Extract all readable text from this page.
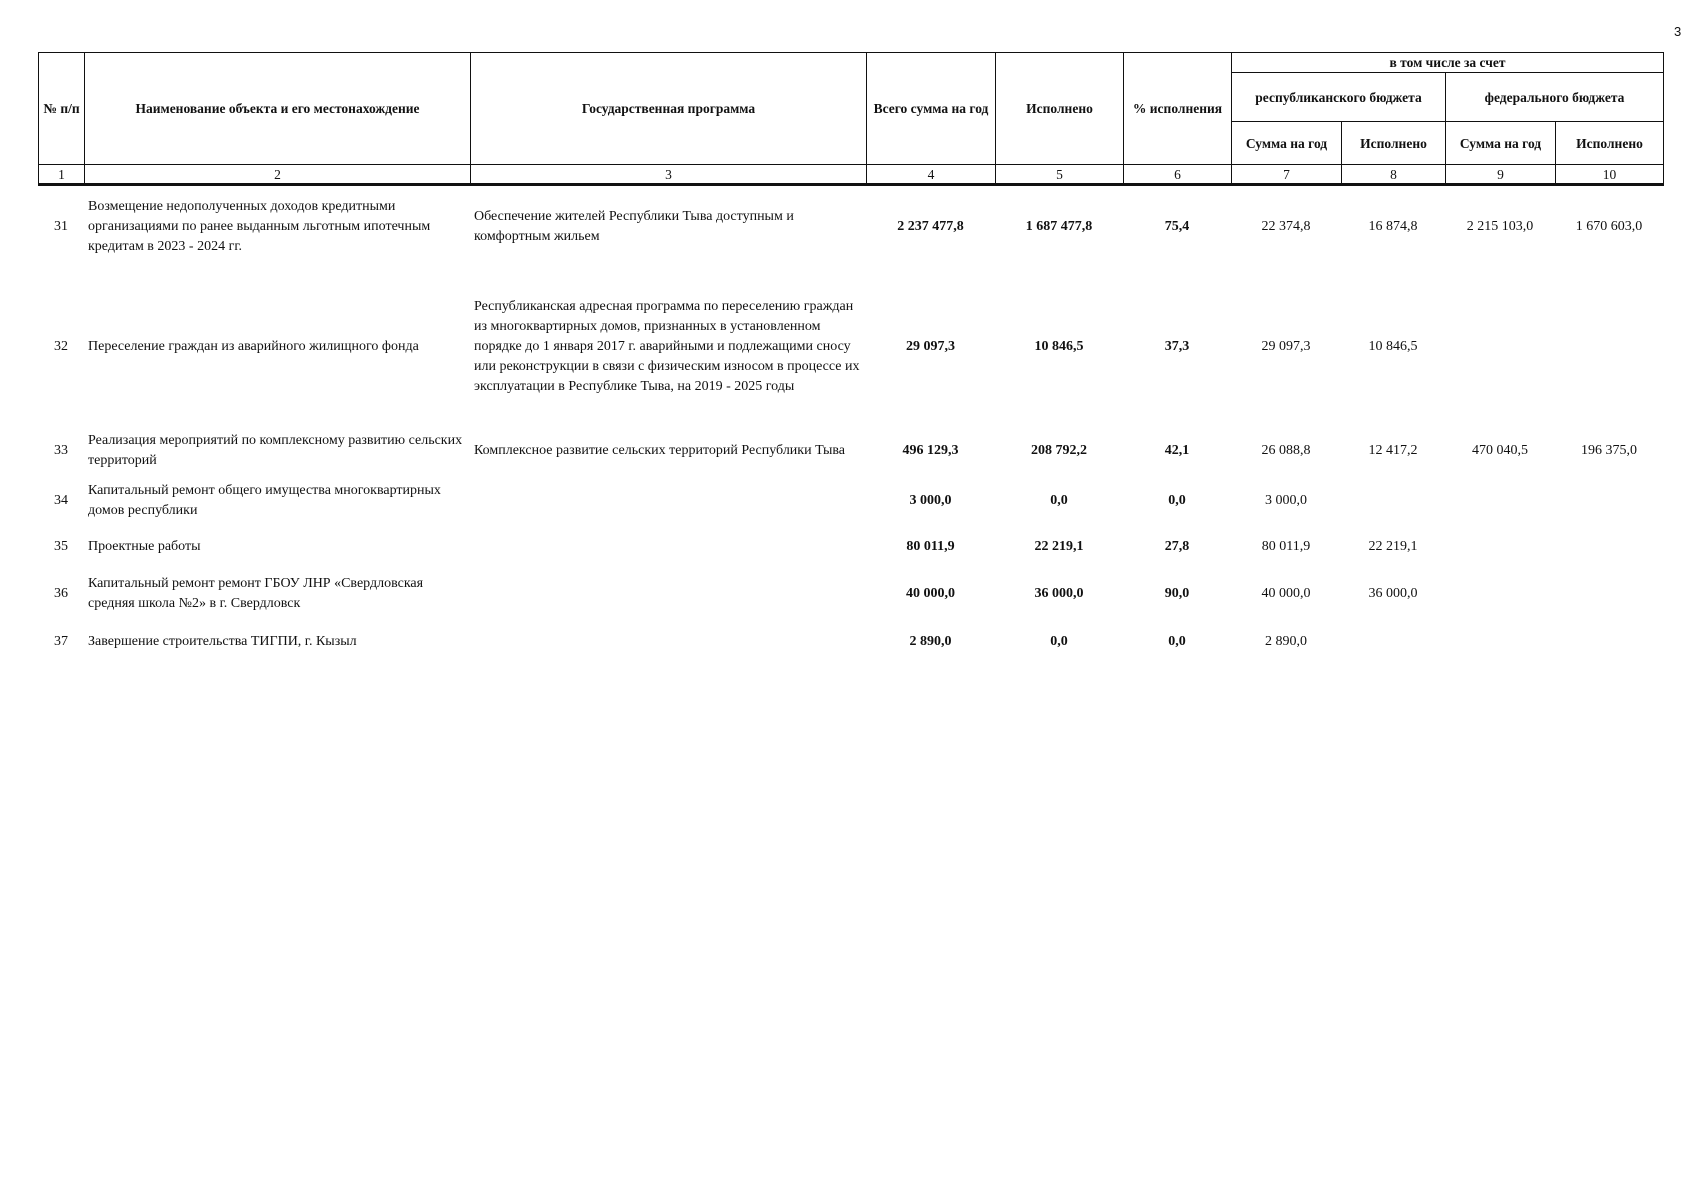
3
№ п/п	Наименование объекта и его местонахождение	Государственная программа	Всего сумма на год	Исполнено	% исполнения	в том числе за счет			
						республиканского бюджета		федерального бюджета	
						Сумма на год	Исполнено	Сумма на год	Исполнено
1	2	3	4	5	6	7	8	9	10
31	Возмещение недополученных доходов кредитными организациями по ранее выданным льготным ипотечным кредитам в 2023 - 2024 гг.	Обеспечение жителей Республики Тыва доступным и комфортным жильем	2 237 477,8	1 687 477,8	75,4	22 374,8	16 874,8	2 215 103,0	1 670 603,0
32	Переселение граждан из аварийного жилищного фонда	Республиканская адресная программа по переселению граждан из многоквартирных домов, признанных в установленном порядке до 1 января 2017 г. аварийными и подлежащими сносу или реконструкции в связи с физическим износом в процессе их эксплуатации в Республике Тыва, на 2019 - 2025 годы	29 097,3	10 846,5	37,3	29 097,3	10 846,5		
33	Реализация мероприятий по комплексному развитию сельских территорий	Комплексное развитие сельских территорий Республики Тыва	496 129,3	208 792,2	42,1	26 088,8	12 417,2	470 040,5	196 375,0
34	Капитальный ремонт общего имущества многоквартирных домов республики		3 000,0	0,0	0,0	3 000,0			
35	Проектные работы		80 011,9	22 219,1	27,8	80 011,9	22 219,1		
36	Капитальный ремонт ремонт ГБОУ ЛНР «Свердловская средняя школа №2» в г. Свердловск		40 000,0	36 000,0	90,0	40 000,0	36 000,0		
37	Завершение строительства ТИГПИ, г. Кызыл		2 890,0	0,0	0,0	2 890,0			
